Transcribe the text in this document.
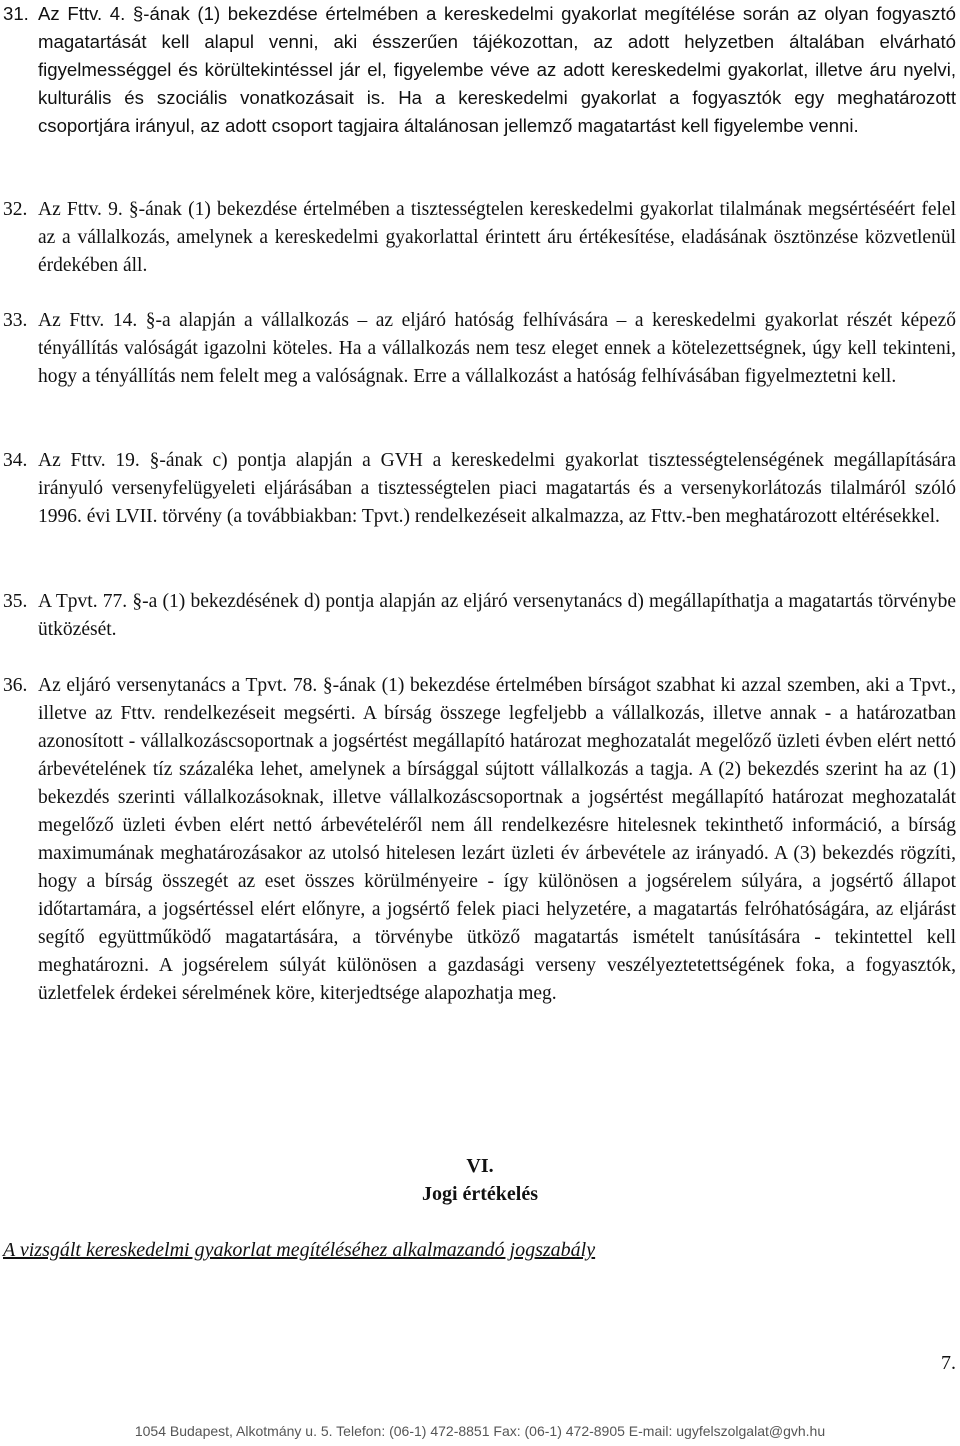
31. Az Fttv. 4. §-ának (1) bekezdése értelmében a kereskedelmi gyakorlat megítélése során az olyan fogyasztó magatartását kell alapul venni, aki ésszerűen tájékozottan, az adott helyzetben általában elvárható figyelmességgel és körültekintéssel jár el, figyelembe véve az adott kereskedelmi gyakorlat, illetve áru nyelvi, kulturális és szociális vonatkozásait is. Ha a kereskedelmi gyakorlat a fogyasztók egy meghatározott csoportjára irányul, az adott csoport tagjaira általánosan jellemző magatartást kell figyelembe venni.

32. Az Fttv. 9. §-ának (1) bekezdése értelmében a tisztességtelen kereskedelmi gyakorlat tilalmának megsértéséért felel az a vállalkozás, amelynek a kereskedelmi gyakorlattal érintett áru értékesítése, eladásának ösztönzése közvetlenül érdekében áll.

33. Az Fttv. 14. §-a alapján a vállalkozás – az eljáró hatóság felhívására – a kereskedelmi gyakorlat részét képező tényállítás valóságát igazolni köteles. Ha a vállalkozás nem tesz eleget ennek a kötelezettségnek, úgy kell tekinteni, hogy a tényállítás nem felelt meg a valóságnak. Erre a vállalkozást a hatóság felhívásában figyelmeztetni kell.

34. Az Fttv. 19. §-ának c) pontja alapján a GVH a kereskedelmi gyakorlat tisztességtelenségének megállapítására irányuló versenyfelügyeleti eljárásában a tisztességtelen piaci magatartás és a versenykorlátozás tilalmáról szóló 1996. évi LVII. törvény (a továbbiakban: Tpvt.) rendelkezéseit alkalmazza, az Fttv.-ben meghatározott eltérésekkel.

35. A Tpvt. 77. §-a (1) bekezdésének d) pontja alapján az eljáró versenytanács d) megállapíthatja a magatartás törvénybe ütközését.

36. Az eljáró versenytanács a Tpvt. 78. §-ának (1) bekezdése értelmében bírságot szabhat ki azzal szemben, aki a Tpvt., illetve az Fttv. rendelkezéseit megsérti. A bírság összege legfeljebb a vállalkozás, illetve annak - a határozatban azonosított - vállalkozáscsoportnak a jogsértést megállapító határozat meghozatalát megelőző üzleti évben elért nettó árbevételének tíz százaléka lehet, amelynek a bírsággal sújtott vállalkozás a tagja. A (2) bekezdés szerint ha az (1) bekezdés szerinti vállalkozásoknak, illetve vállalkozáscsoportnak a jogsértést megállapító határozat meghozatalát megelőző üzleti évben elért nettó árbevételéről nem áll rendelkezésre hitelesnek tekinthető információ, a bírság maximumának meghatározásakor az utolsó hitelesen lezárt üzleti év árbevétele az irányadó. A (3) bekezdés rögzíti, hogy a bírság összegét az eset összes körülményeire - így különösen a jogsérelem súlyára, a jogsértő állapot időtartamára, a jogsértéssel elért előnyre, a jogsértő felek piaci helyzetére, a magatartás felróhatóságára, az eljárást segítő együttműködő magatartására, a törvénybe ütköző magatartás ismételt tanúsítására - tekintettel kell meghatározni. A jogsérelem súlyát különösen a gazdasági verseny veszélyeztetettségének foka, a fogyasztók, üzletfelek érdekei sérelmének köre, kiterjedtsége alapozhatja meg.

VI.

Jogi értékelés

A vizsgált kereskedelmi gyakorlat megítéléséhez alkalmazandó jogszabály

7.
1054 Budapest, Alkotmány u. 5. Telefon: (06-1) 472-8851 Fax: (06-1) 472-8905 E-mail: ugyfelszolgalat@gvh.hu
